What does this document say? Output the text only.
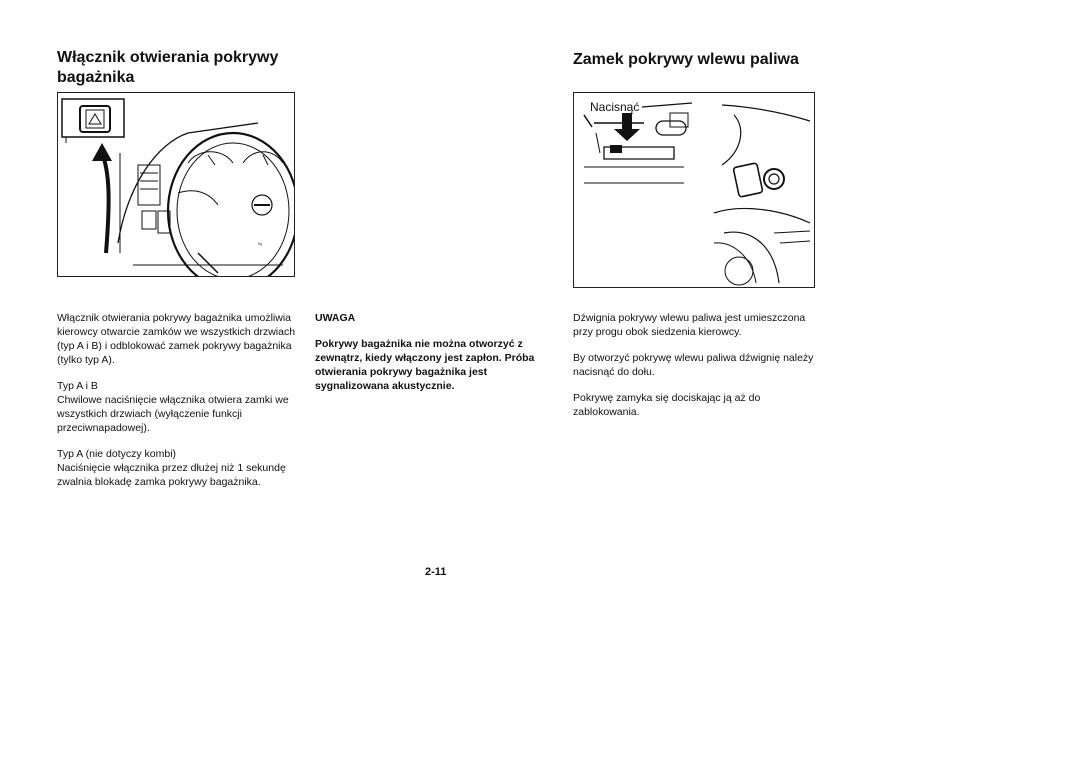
Włącznik otwierania pokrywy bagażnika
fig

Włącznik otwierania pokrywy bagażnika umożliwia kierowcy otwarcie zamków we wszystkich drzwiach (typ A i B) i odblokować zamek pokrywy bagażnika (tylko typ A).

Typ A i B
Chwilowe naciśnięcie włącznika otwiera zamki we wszystkich drzwiach (wyłączenie funkcji przeciwnapadowej).

Typ A (nie dotyczy kombi)
Naciśnięcie włącznika przez dłużej niż 1 sekundę zwalnia blokadę zamka pokrywy bagażnika.

UWAGA

Pokrywy bagażnika nie można otworzyć z zewnątrz, kiedy włączony jest zapłon. Próba otwierania pokrywy bagażnika jest sygnalizowana akustycznie.

Zamek pokrywy wlewu paliwa
Nacisnąć

Dźwignia pokrywy wlewu paliwa jest umieszczona przy progu obok siedzenia kierowcy.

By otworzyć pokrywę wlewu paliwa dźwignię należy nacisnąć do dołu.

Pokrywę zamyka się dociskając ją aż do zablokowania.

2-11
